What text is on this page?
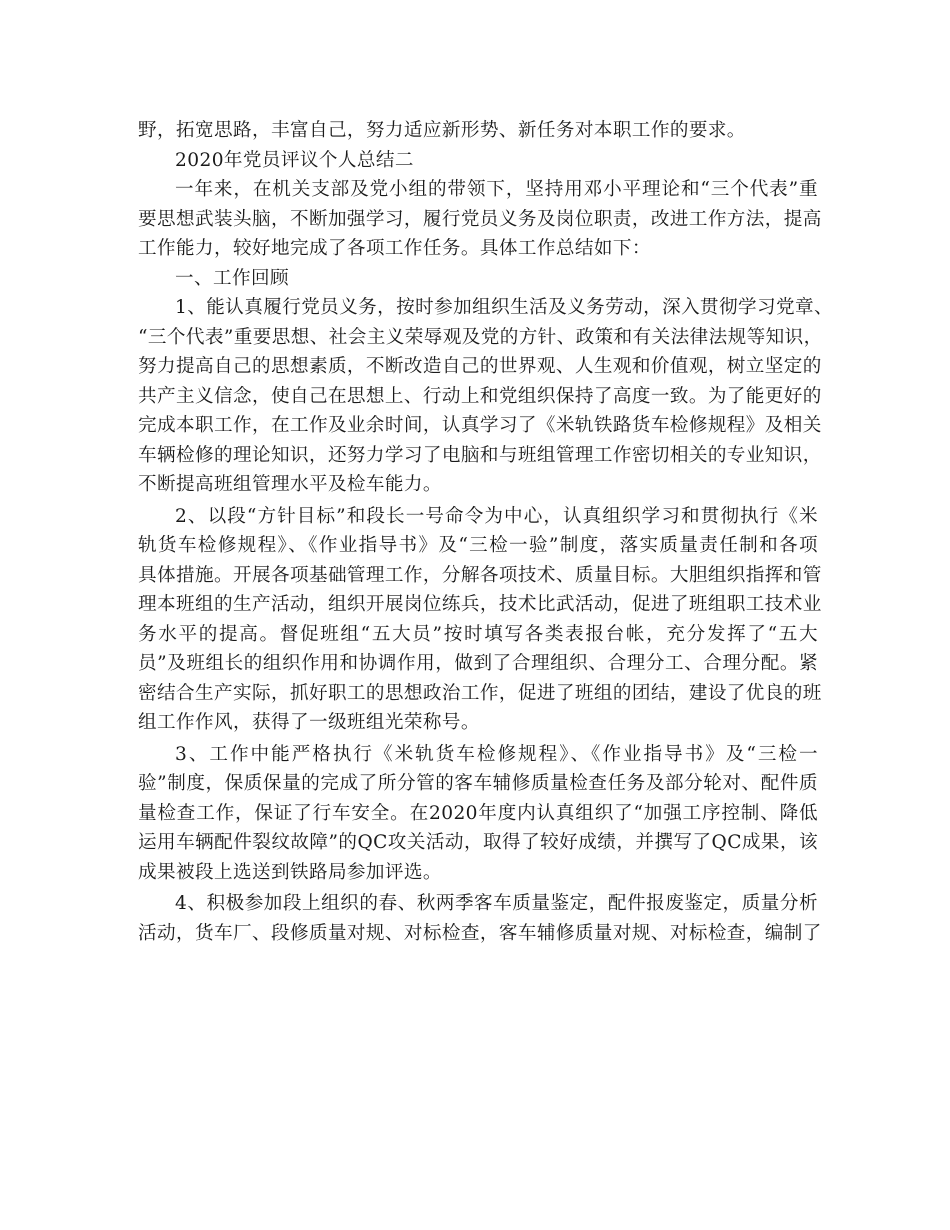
野，拓宽思路，丰富自己，努力适应新形势、新任务对本职工作的要求。

2020年党员评议个人总结二

一年来，在机关支部及党小组的带领下，坚持用邓小平理论和“三个代表”重
要思想武装头脑，不断加强学习，履行党员义务及岗位职责，改进工作方法，提高
工作能力，较好地完成了各项工作任务。具体工作总结如下：

一、工作回顾

1、能认真履行党员义务，按时参加组织生活及义务劳动，深入贯彻学习党章、
“三个代表”重要思想、社会主义荣辱观及党的方针、政策和有关法律法规等知识，
努力提高自己的思想素质，不断改造自己的世界观、人生观和价值观，树立坚定的
共产主义信念，使自己在思想上、行动上和党组织保持了高度一致。为了能更好的
完成本职工作，在工作及业余时间，认真学习了《米轨铁路货车检修规程》及相关
车辆检修的理论知识，还努力学习了电脑和与班组管理工作密切相关的专业知识，
不断提高班组管理水平及检车能力。

2、以段“方针目标”和段长一号命令为中心，认真组织学习和贯彻执行《米
轨货车检修规程》、《作业指导书》及“三检一验”制度，落实质量责任制和各项
具体措施。开展各项基础管理工作，分解各项技术、质量目标。大胆组织指挥和管
理本班组的生产活动，组织开展岗位练兵，技术比武活动，促进了班组职工技术业
务水平的提高。督促班组“五大员”按时填写各类表报台帐，充分发挥了“五大
员”及班组长的组织作用和协调作用，做到了合理组织、合理分工、合理分配。紧
密结合生产实际，抓好职工的思想政治工作，促进了班组的团结，建设了优良的班
组工作作风，获得了一级班组光荣称号。

3、工作中能严格执行《米轨货车检修规程》、《作业指导书》及“三检一
验”制度，保质保量的完成了所分管的客车辅修质量检查任务及部分轮对、配件质
量检查工作，保证了行车安全。在2020年度内认真组织了“加强工序控制、降低
运用车辆配件裂纹故障”的QC攻关活动，取得了较好成绩，并撰写了QC成果，该
成果被段上选送到铁路局参加评选。

4、积极参加段上组织的春、秋两季客车质量鉴定，配件报废鉴定，质量分析
活动，货车厂、段修质量对规、对标检查，客车辅修质量对规、对标检查，编制了
